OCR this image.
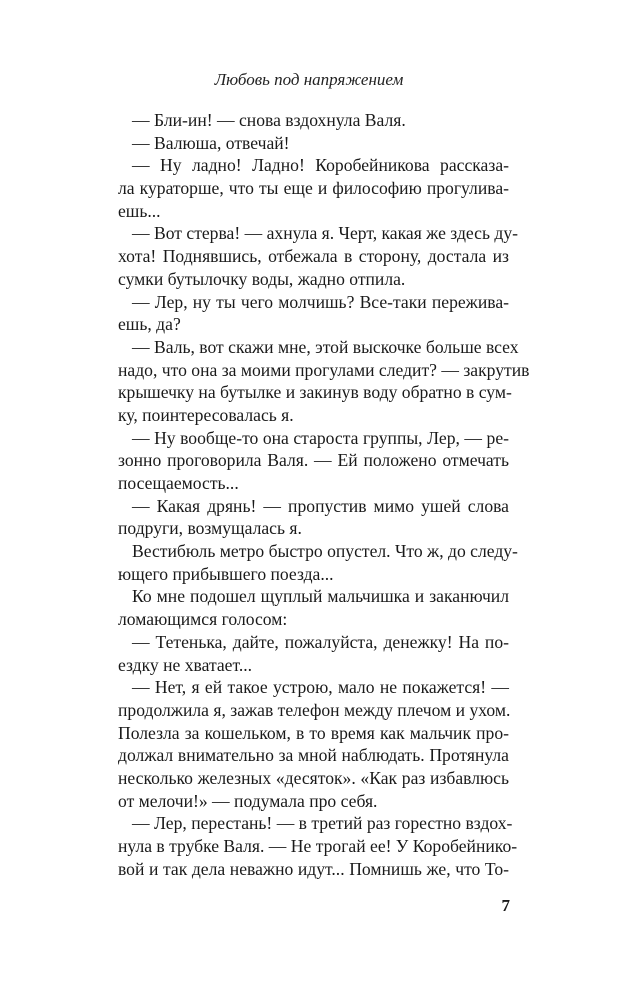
Любовь под напряжением
— Бли-ин! — снова вздохнула Валя.
— Валюша, отвечай!
— Ну ладно! Ладно! Коробейникова рассказа-
ла кураторше, что ты еще и философию прогулива-
ешь...
— Вот стерва! — ахнула я. Черт, какая же здесь ду-
хота! Поднявшись, отбежала в сторону, достала из
сумки бутылочку воды, жадно отпила.
— Лер, ну ты чего молчишь? Все-таки пережива-
ешь, да?
— Валь, вот скажи мне, этой выскочке больше всех
надо, что она за моими прогулами следит? — закрутив
крышечку на бутылке и закинув воду обратно в сум-
ку, поинтересовалась я.
— Ну вообще-то она староста группы, Лер, — ре-
зонно проговорила Валя. — Ей положено отмечать
посещаемость...
— Какая дрянь! — пропустив мимо ушей слова
подруги, возмущалась я.
Вестибюль метро быстро опустел. Что ж, до следу-
ющего прибывшего поезда...
Ко мне подошел щуплый мальчишка и заканючил
ломающимся голосом:
— Тетенька, дайте, пожалуйста, денежку! На по-
ездку не хватает...
— Нет, я ей такое устрою, мало не покажется! —
продолжила я, зажав телефон между плечом и ухом.
Полезла за кошельком, в то время как мальчик про-
должал внимательно за мной наблюдать. Протянула
несколько железных «десяток». «Как раз избавлюсь
от мелочи!» — подумала про себя.
— Лер, перестань! — в третий раз горестно вздох-
нула в трубке Валя. — Не трогай ее! У Коробейнико-
вой и так дела неважно идут... Помнишь же, что То-
7
